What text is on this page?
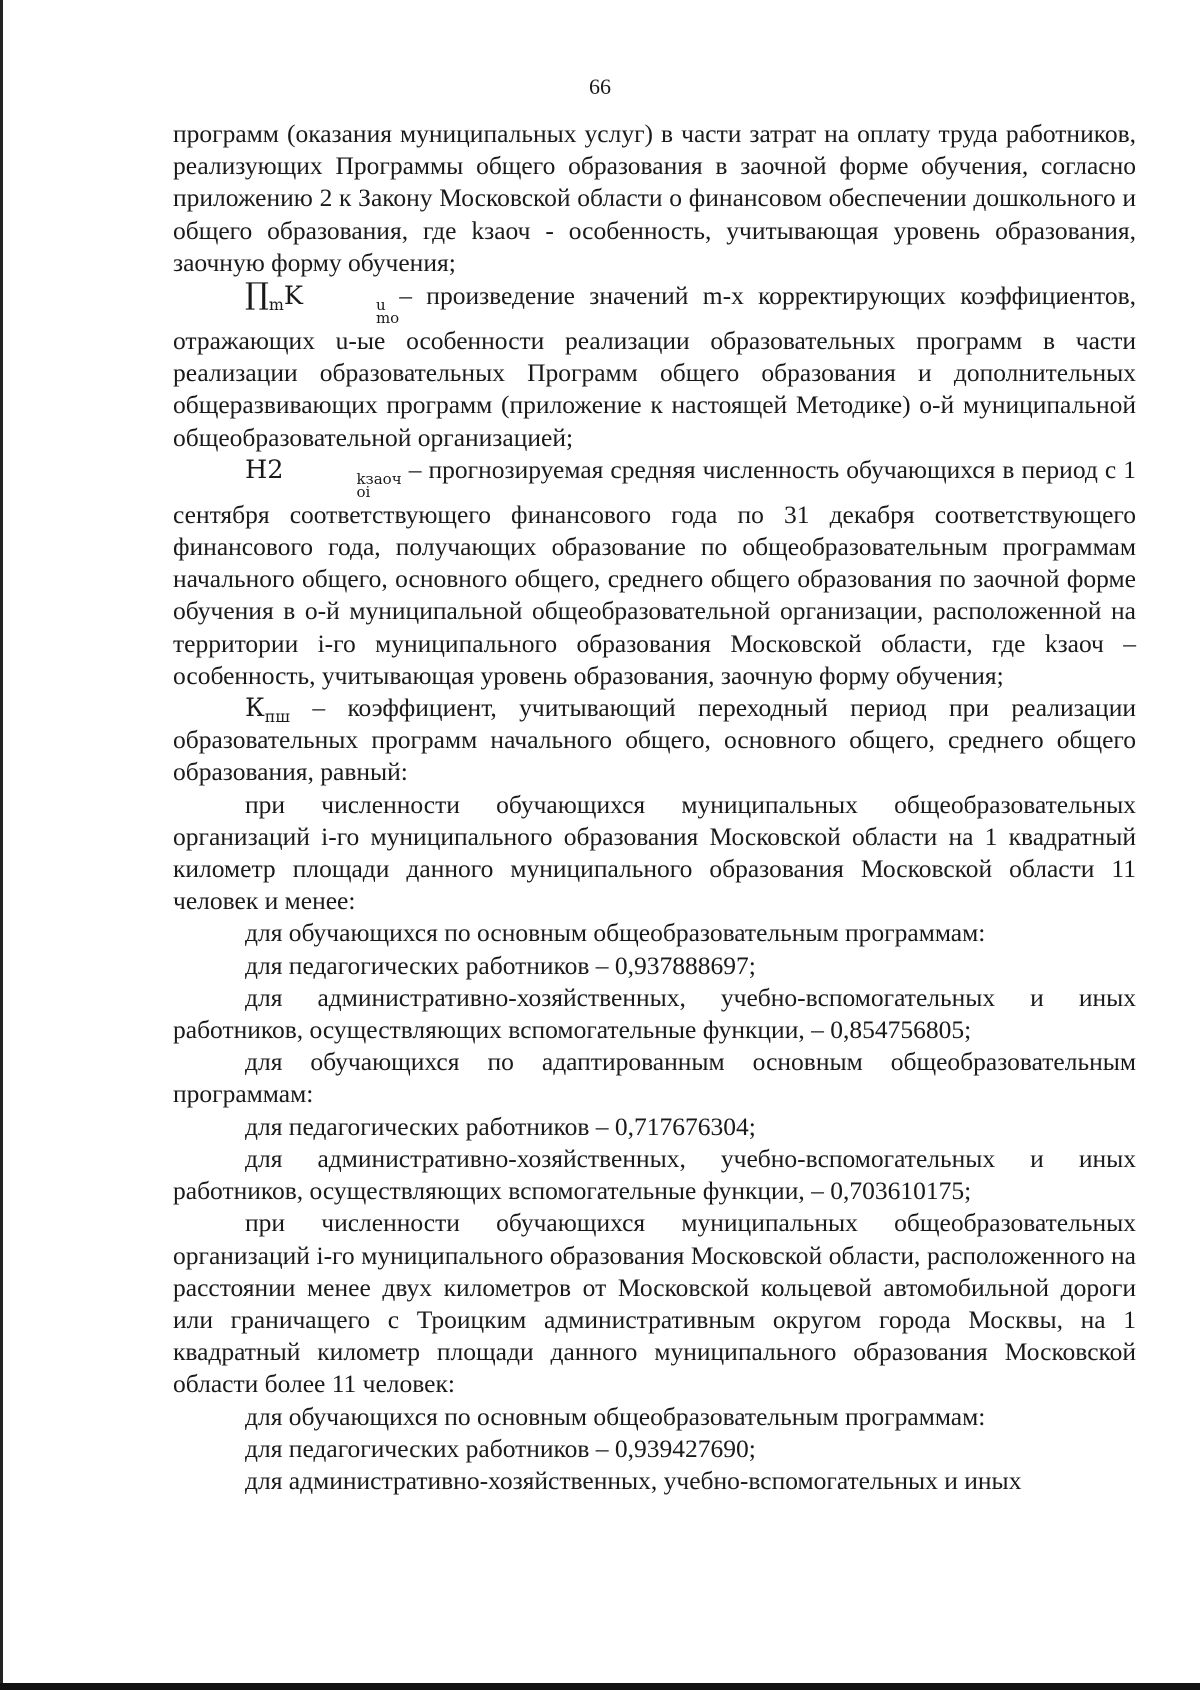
66

программ (оказания муниципальных услуг) в части затрат на оплату труда работников, реализующих Программы общего образования в заочной форме обучения, согласно приложению 2 к Закону Московской области о финансовом обеспечении дошкольного и общего образования, где kзаоч - особенность, учитывающая уровень образования, заочную форму обучения;

$\prod_mK$	u
mo
– произведение значений m-х корректирующих коэффициентов, отражающих u-ые особенности реализации образовательных программ в части реализации образовательных Программ общего образования и дополнительных общеразвивающих программ (приложение к настоящей Методике) о-й муниципальной общеобразовательной организацией;

Н2	kзаоч
oi
– прогнозируемая средняя численность обучающихся в период с 1 сентября соответствующего финансового года по 31 декабря соответствующего финансового года, получающих образование по общеобразовательным программам начального общего, основного общего, среднего общего образования по заочной форме обучения в о-й муниципальной общеобразовательной организации, расположенной на территории i-го муниципального образования Московской области, где kзаоч – особенность, учитывающая уровень образования, заочную форму обучения;

$К_{пш}$ – коэффициент, учитывающий переходный период при реализации образовательных программ начального общего, основного общего, среднего общего образования, равный:

при численности обучающихся муниципальных общеобразовательных организаций i-го муниципального образования Московской области на 1 квадратный километр площади данного муниципального образования Московской области 11 человек и менее:

для обучающихся по основным общеобразовательным программам:

для педагогических работников – 0,937888697;

для административно-хозяйственных, учебно-вспомогательных и иных работников, осуществляющих вспомогательные функции, – 0,854756805;

для обучающихся по адаптированным основным общеобразовательным программам:

для педагогических работников – 0,717676304;

для административно-хозяйственных, учебно-вспомогательных и иных работников, осуществляющих вспомогательные функции, – 0,703610175;

при численности обучающихся муниципальных общеобразовательных организаций i-го муниципального образования Московской области, расположенного на расстоянии менее двух километров от Московской кольцевой автомобильной дороги или граничащего с Троицким административным округом города Москвы, на 1 квадратный километр площади данного муниципального образования Московской области более 11 человек:

для обучающихся по основным общеобразовательным программам:

для педагогических работников – 0,939427690;

для административно-хозяйственных, учебно-вспомогательных и иных
